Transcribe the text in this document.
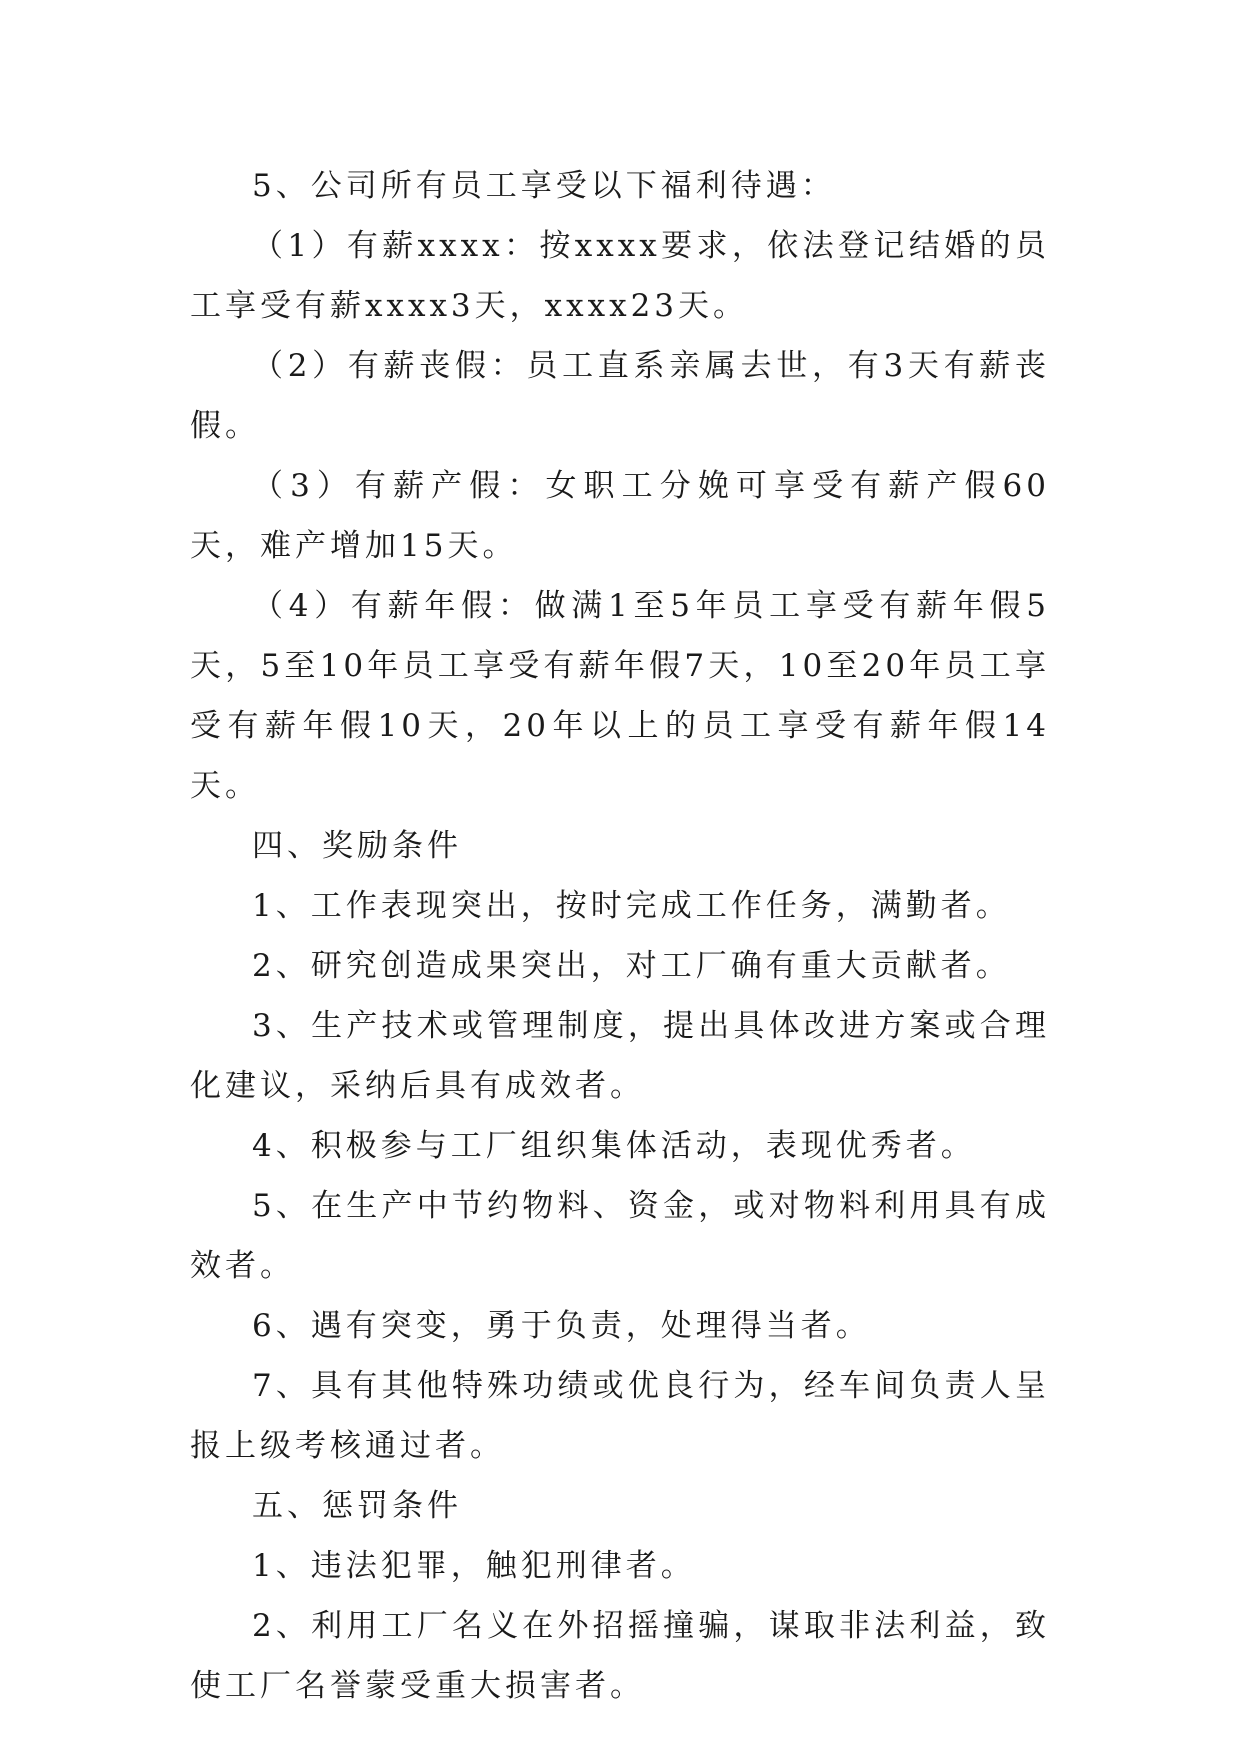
5、公司所有员工享受以下福利待遇：

（1）有薪xxxx：按xxxx要求，依法登记结婚的员工享受有薪xxxx3天，xxxx23天。

（2）有薪丧假：员工直系亲属去世，有3天有薪丧假。

（3）有薪产假：女职工分娩可享受有薪产假60天，难产增加15天。

（4）有薪年假：做满1至5年员工享受有薪年假5天，5至10年员工享受有薪年假7天，10至20年员工享受有薪年假10天，20年以上的员工享受有薪年假14天。

四、奖励条件

1、工作表现突出，按时完成工作任务，满勤者。

2、研究创造成果突出，对工厂确有重大贡献者。

3、生产技术或管理制度，提出具体改进方案或合理化建议，采纳后具有成效者。

4、积极参与工厂组织集体活动，表现优秀者。

5、在生产中节约物料、资金，或对物料利用具有成效者。

6、遇有突变，勇于负责，处理得当者。

7、具有其他特殊功绩或优良行为，经车间负责人呈报上级考核通过者。

五、惩罚条件

1、违法犯罪，触犯刑律者。

2、利用工厂名义在外招摇撞骗，谋取非法利益，致使工厂名誉蒙受重大损害者。
